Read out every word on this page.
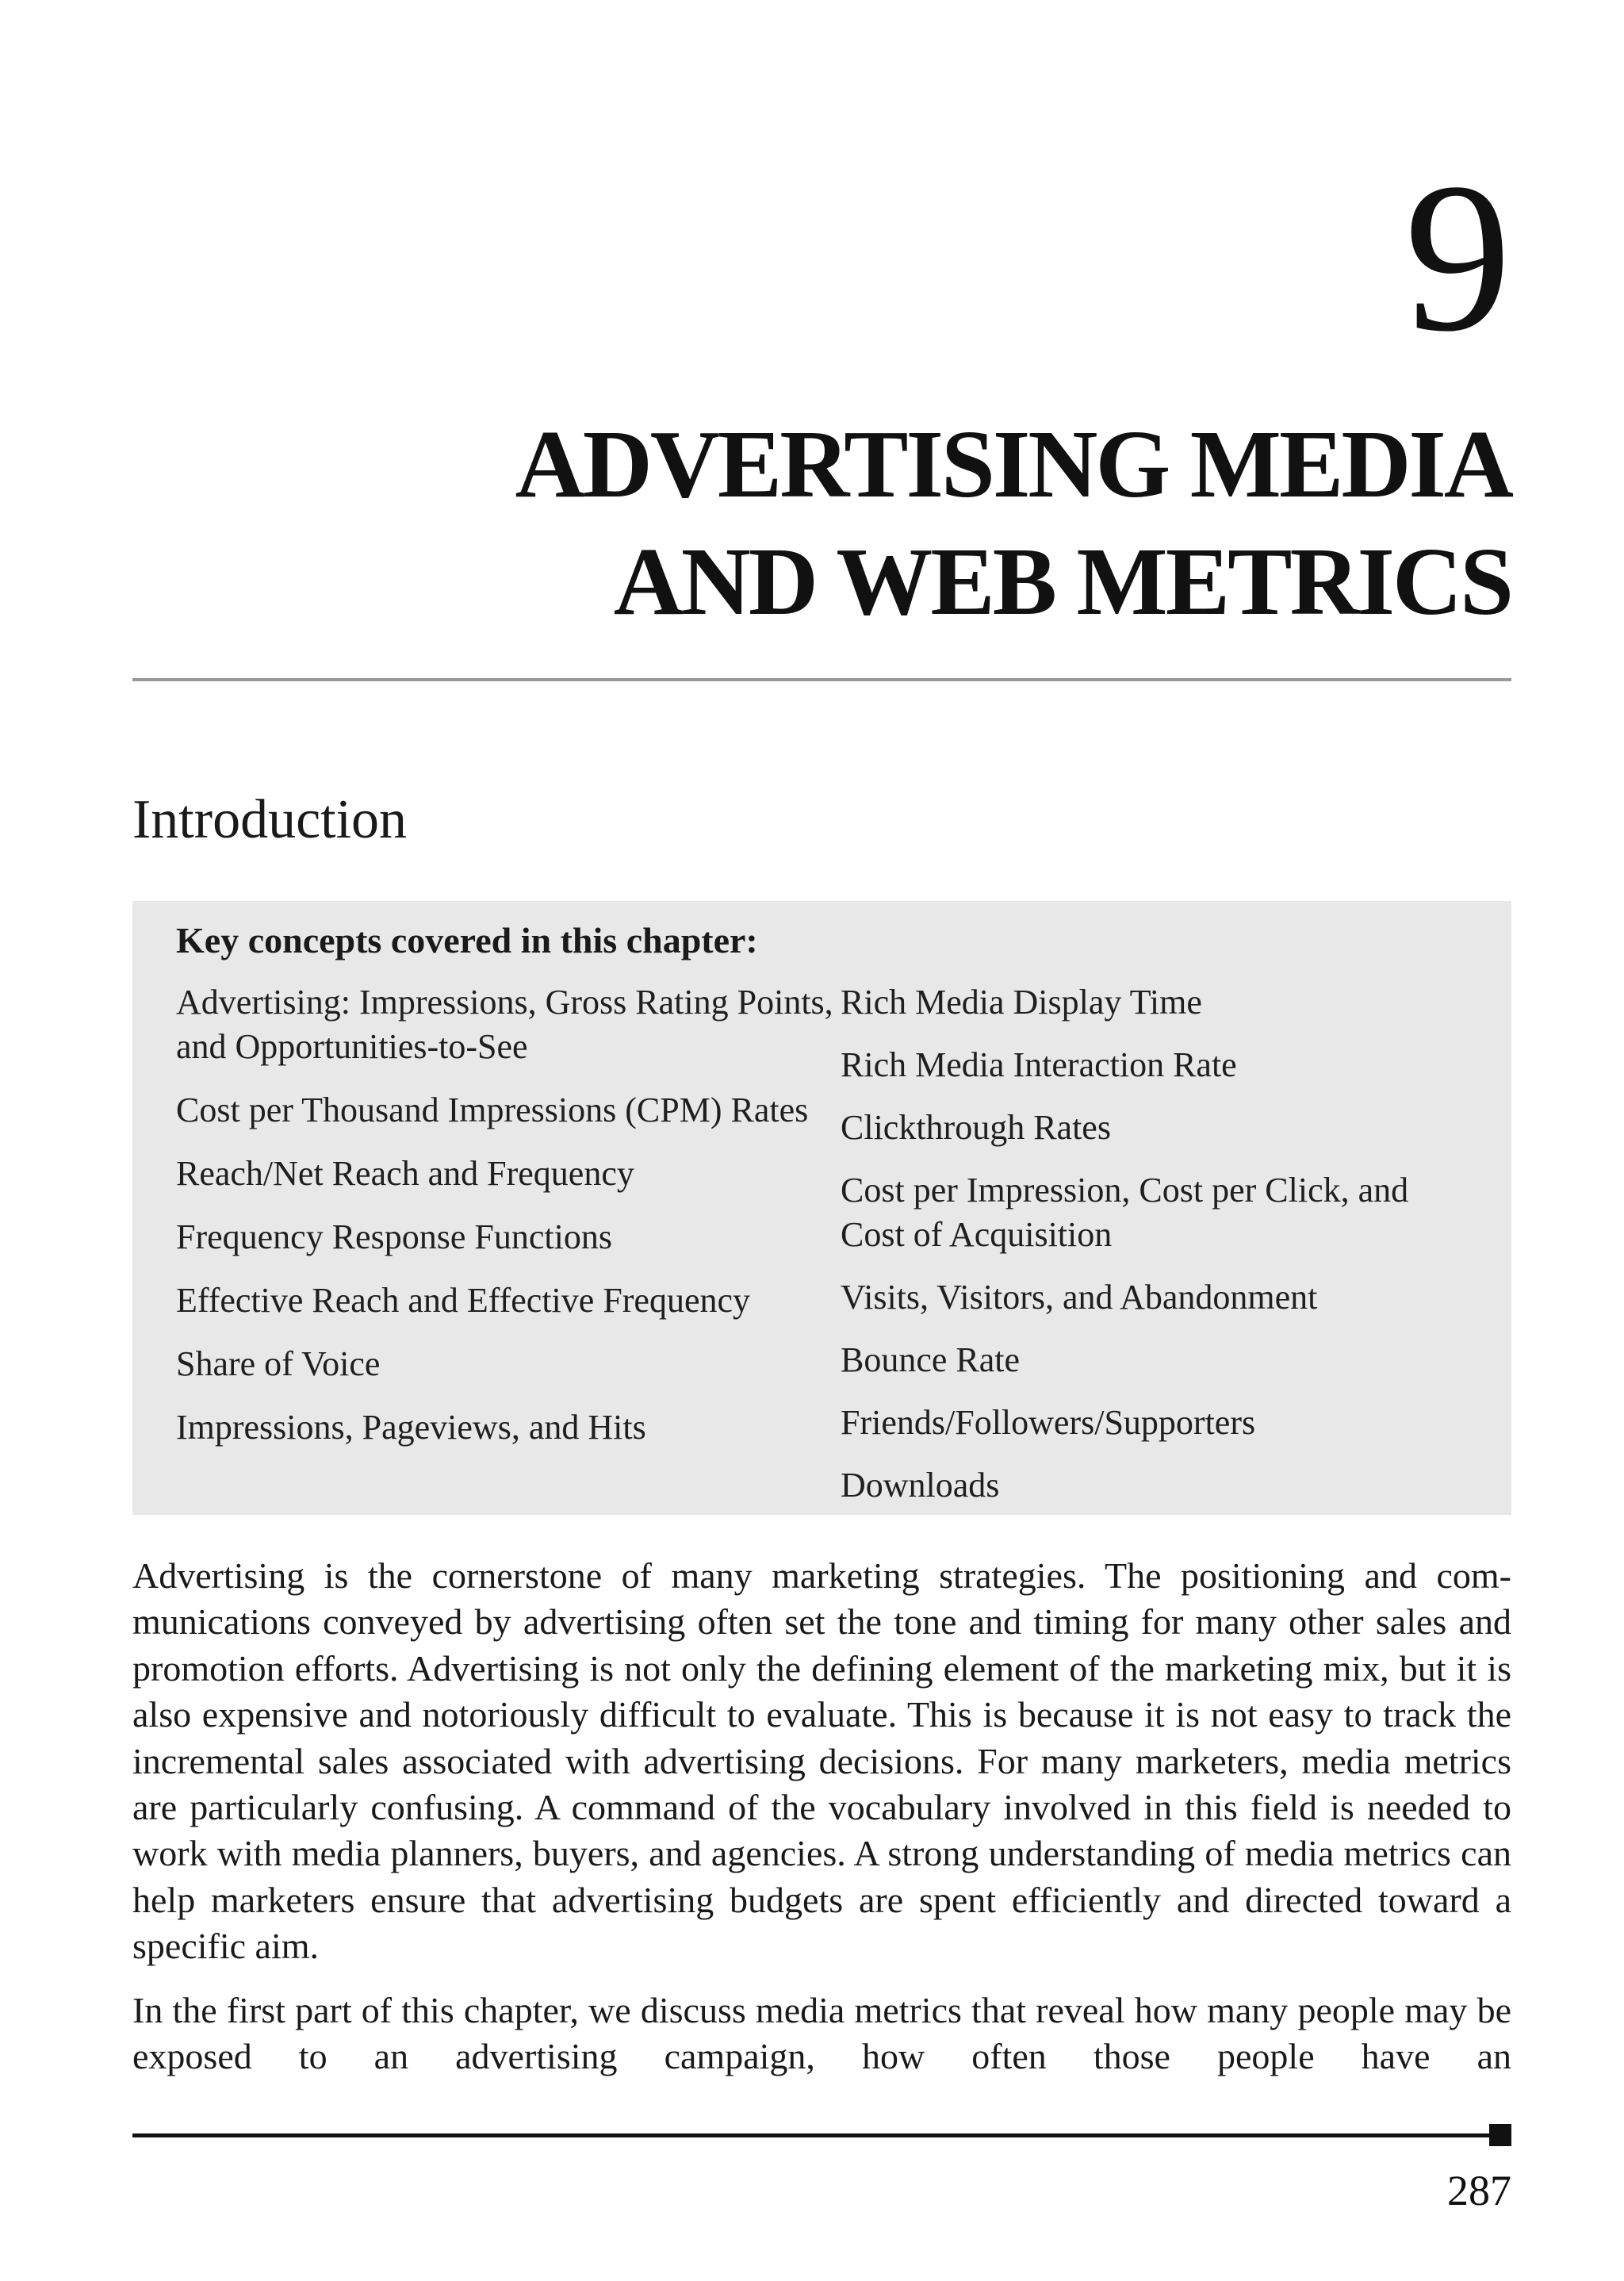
9
ADVERTISING MEDIA
AND WEB METRICS
Introduction
Key concepts covered in this chapter:
Advertising: Impressions, Gross Rating Points, and Opportunities-to-See
Cost per Thousand Impressions (CPM) Rates
Reach/Net Reach and Frequency
Frequency Response Functions
Effective Reach and Effective Frequency
Share of Voice
Impressions, Pageviews, and Hits
Rich Media Display Time
Rich Media Interaction Rate
Clickthrough Rates
Cost per Impression, Cost per Click, and Cost of Acquisition
Visits, Visitors, and Abandonment
Bounce Rate
Friends/Followers/Supporters
Downloads

Advertising is the cornerstone of many marketing strategies. The positioning and communications conveyed by advertising often set the tone and timing for many other sales and promotion efforts. Advertising is not only the defining element of the marketing mix, but it is also expensive and notoriously difficult to evaluate. This is because it is not easy to track the incremental sales associated with advertising decisions. For many marketers, media metrics are particularly confusing. A command of the vocabulary involved in this field is needed to work with media planners, buyers, and agencies. A strong understanding of media metrics can help marketers ensure that advertising budgets are spent efficiently and directed toward a specific aim.

In the first part of this chapter, we discuss media metrics that reveal how many people may be exposed to an advertising campaign, how often those people have an

287
